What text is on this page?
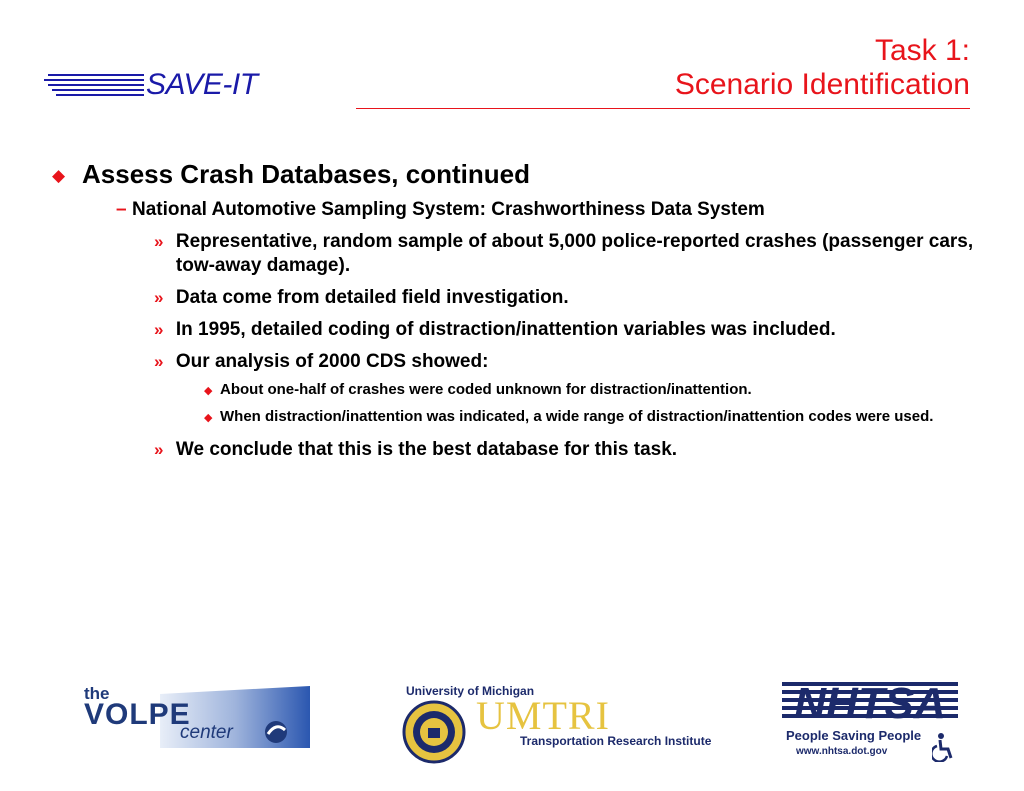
SAVE-IT
Task 1:
Scenario Identification
◆ Assess Crash Databases, continued
– National Automotive Sampling System: Crashworthiness Data System
» Representative, random sample of about 5,000 police-reported crashes (passenger cars, tow-away damage).
» Data come from detailed field investigation.
» In 1995, detailed coding of distraction/inattention variables was included.
» Our analysis of 2000 CDS showed:
◆ About one-half of crashes were coded unknown for distraction/inattention.
◆ When distraction/inattention was indicated, a wide range of distraction/inattention codes were used.
» We conclude that this is the best database for this task.
the
VOLPE
center
University of Michigan
UMTRI
Transportation Research Institute
NHTSA
People Saving People
www.nhtsa.dot.gov
